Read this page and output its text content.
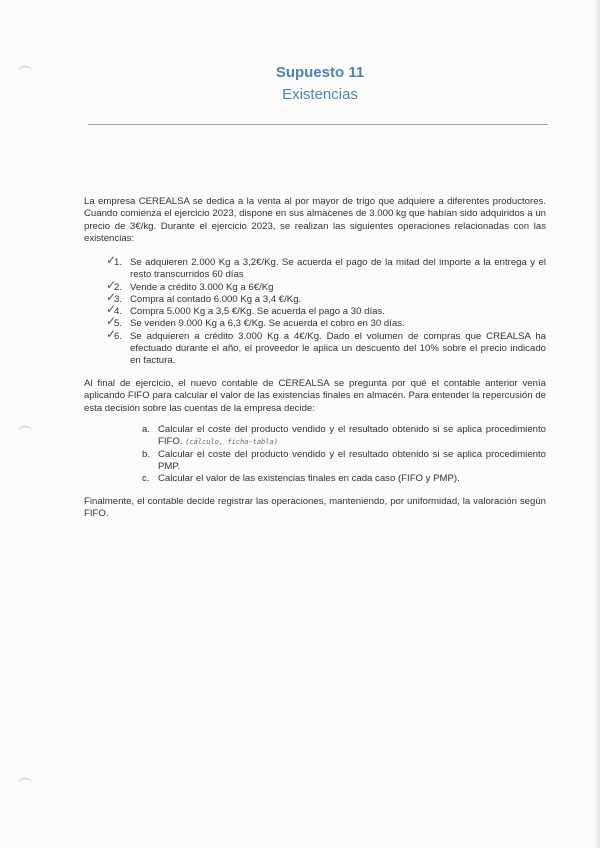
Supuesto 11
Existencias
La empresa CEREALSA se dedica a la venta al por mayor de trigo que adquiere a diferentes productores. Cuando comienza el ejercicio 2023, dispone en sus almacenes de 3.000 kg que habían sido adquiridos a un precio de 3€/kg. Durante el ejercicio 2023, se realizan las siguientes operaciones relacionadas con las existencias:
✓
1. Se adquieren 2.000 Kg a 3,2€/Kg. Se acuerda el pago de la mitad del importe a la entrega y el resto transcurridos 60 días
✓
2. Vende a crédito 3.000 Kg a 6€/Kg
✓
3. Compra al contado 6.000 Kg a 3,4 €/Kg.
✓
4. Compra 5.000 Kg a 3,5 €/Kg. Se acuerda el pago a 30 días.
✓
5. Se venden 9.000 Kg a 6,3 €/Kg. Se acuerda el cobro en 30 días.
✓
6. Se adquieren a crédito 3.000 Kg a 4€/Kg. Dado el volumen de compras que CREALSA ha efectuado durante el año, el proveedor le aplica un descuento del 10% sobre el precio indicado en factura.
Al final de ejercicio, el nuevo contable de CEREALSA se pregunta por qué el contable anterior venía aplicando FIFO para calcular el valor de las existencias finales en almacén. Para entender la repercusión de esta decisión sobre las cuentas de la empresa decide:
a. Calcular el coste del producto vendido y el resultado obtenido si se aplica procedimiento FIFO. (cálculo, ficha-tabla)
b. Calcular el coste del producto vendido y el resultado obtenido si se aplica procedimiento PMP.
c. Calcular el valor de las existencias finales en cada caso (FIFO y PMP).
Finalmente, el contable decide registrar las operaciones, manteniendo, por uniformidad, la valoración según FIFO.
